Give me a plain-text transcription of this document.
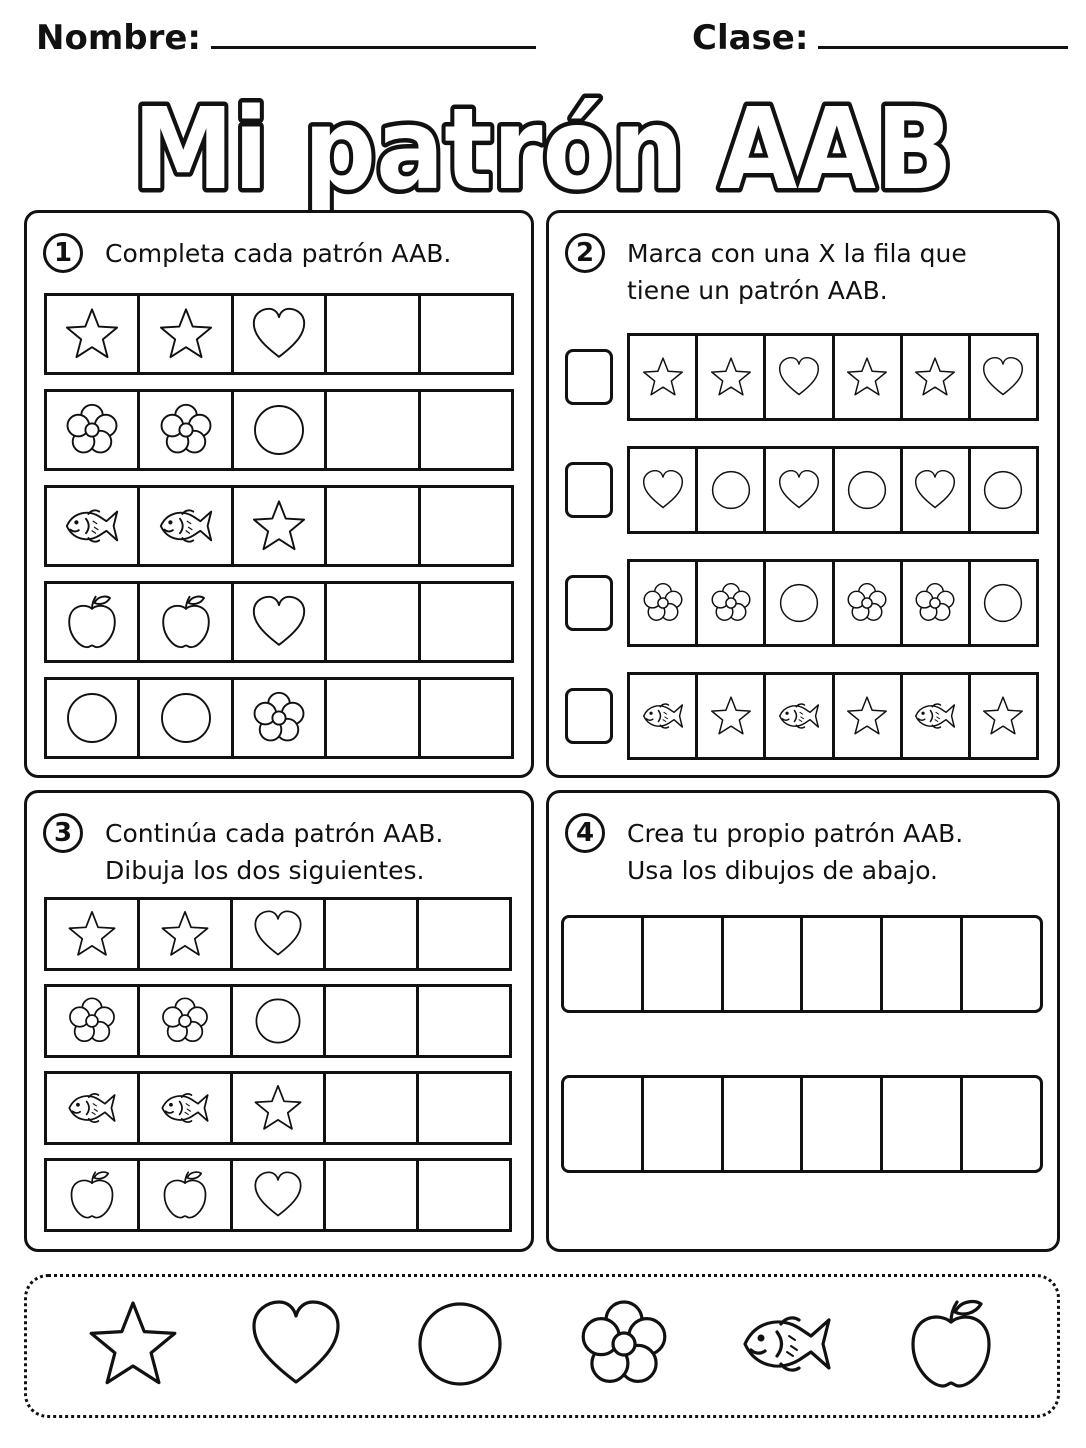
Nombre:	Clase:
Mi patrón AAB
1	Completa cada patrón AAB.	2	Marca con una X la fila que
tiene un patrón AAB.
3	Continúa cada patrón AAB.
Dibuja los dos siguientes.
4	Crea tu propio patrón AAB.
Usa los dibujos de abajo.
